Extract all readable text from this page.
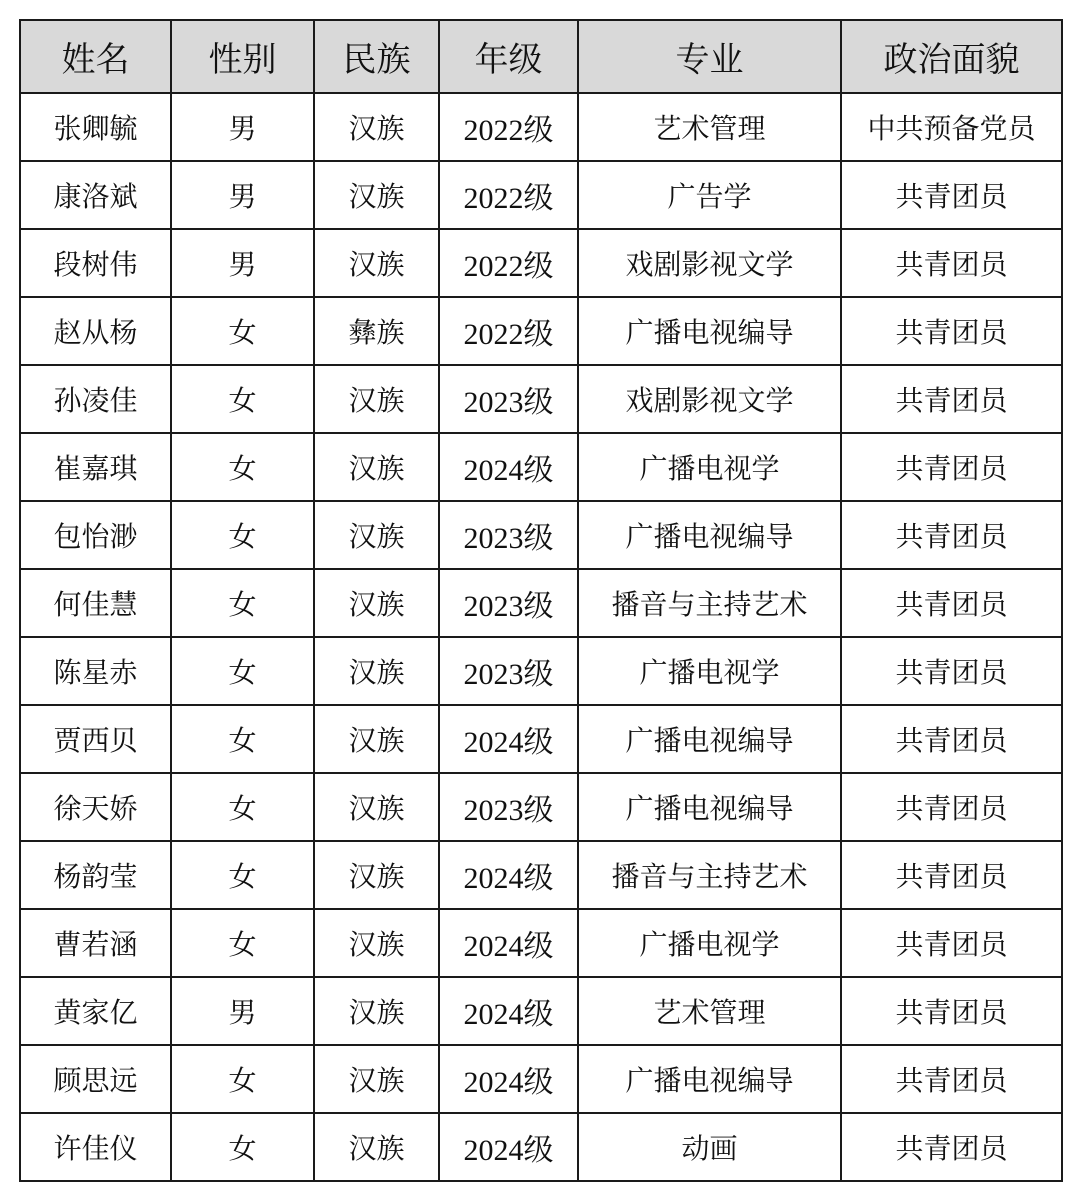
姓名	性别	民族	年级	专业	政治面貌
张卿毓	男	汉族	2022级	艺术管理	中共预备党员
康洛斌	男	汉族	2022级	广告学	共青团员
段树伟	男	汉族	2022级	戏剧影视文学	共青团员
赵从杨	女	彝族	2022级	广播电视编导	共青团员
孙凌佳	女	汉族	2023级	戏剧影视文学	共青团员
崔嘉琪	女	汉族	2024级	广播电视学	共青团员
包怡渺	女	汉族	2023级	广播电视编导	共青团员
何佳慧	女	汉族	2023级	播音与主持艺术	共青团员
陈星赤	女	汉族	2023级	广播电视学	共青团员
贾西贝	女	汉族	2024级	广播电视编导	共青团员
徐天娇	女	汉族	2023级	广播电视编导	共青团员
杨韵莹	女	汉族	2024级	播音与主持艺术	共青团员
曹若涵	女	汉族	2024级	广播电视学	共青团员
黄家亿	男	汉族	2024级	艺术管理	共青团员
顾思远	女	汉族	2024级	广播电视编导	共青团员
许佳仪	女	汉族	2024级	动画	共青团员
